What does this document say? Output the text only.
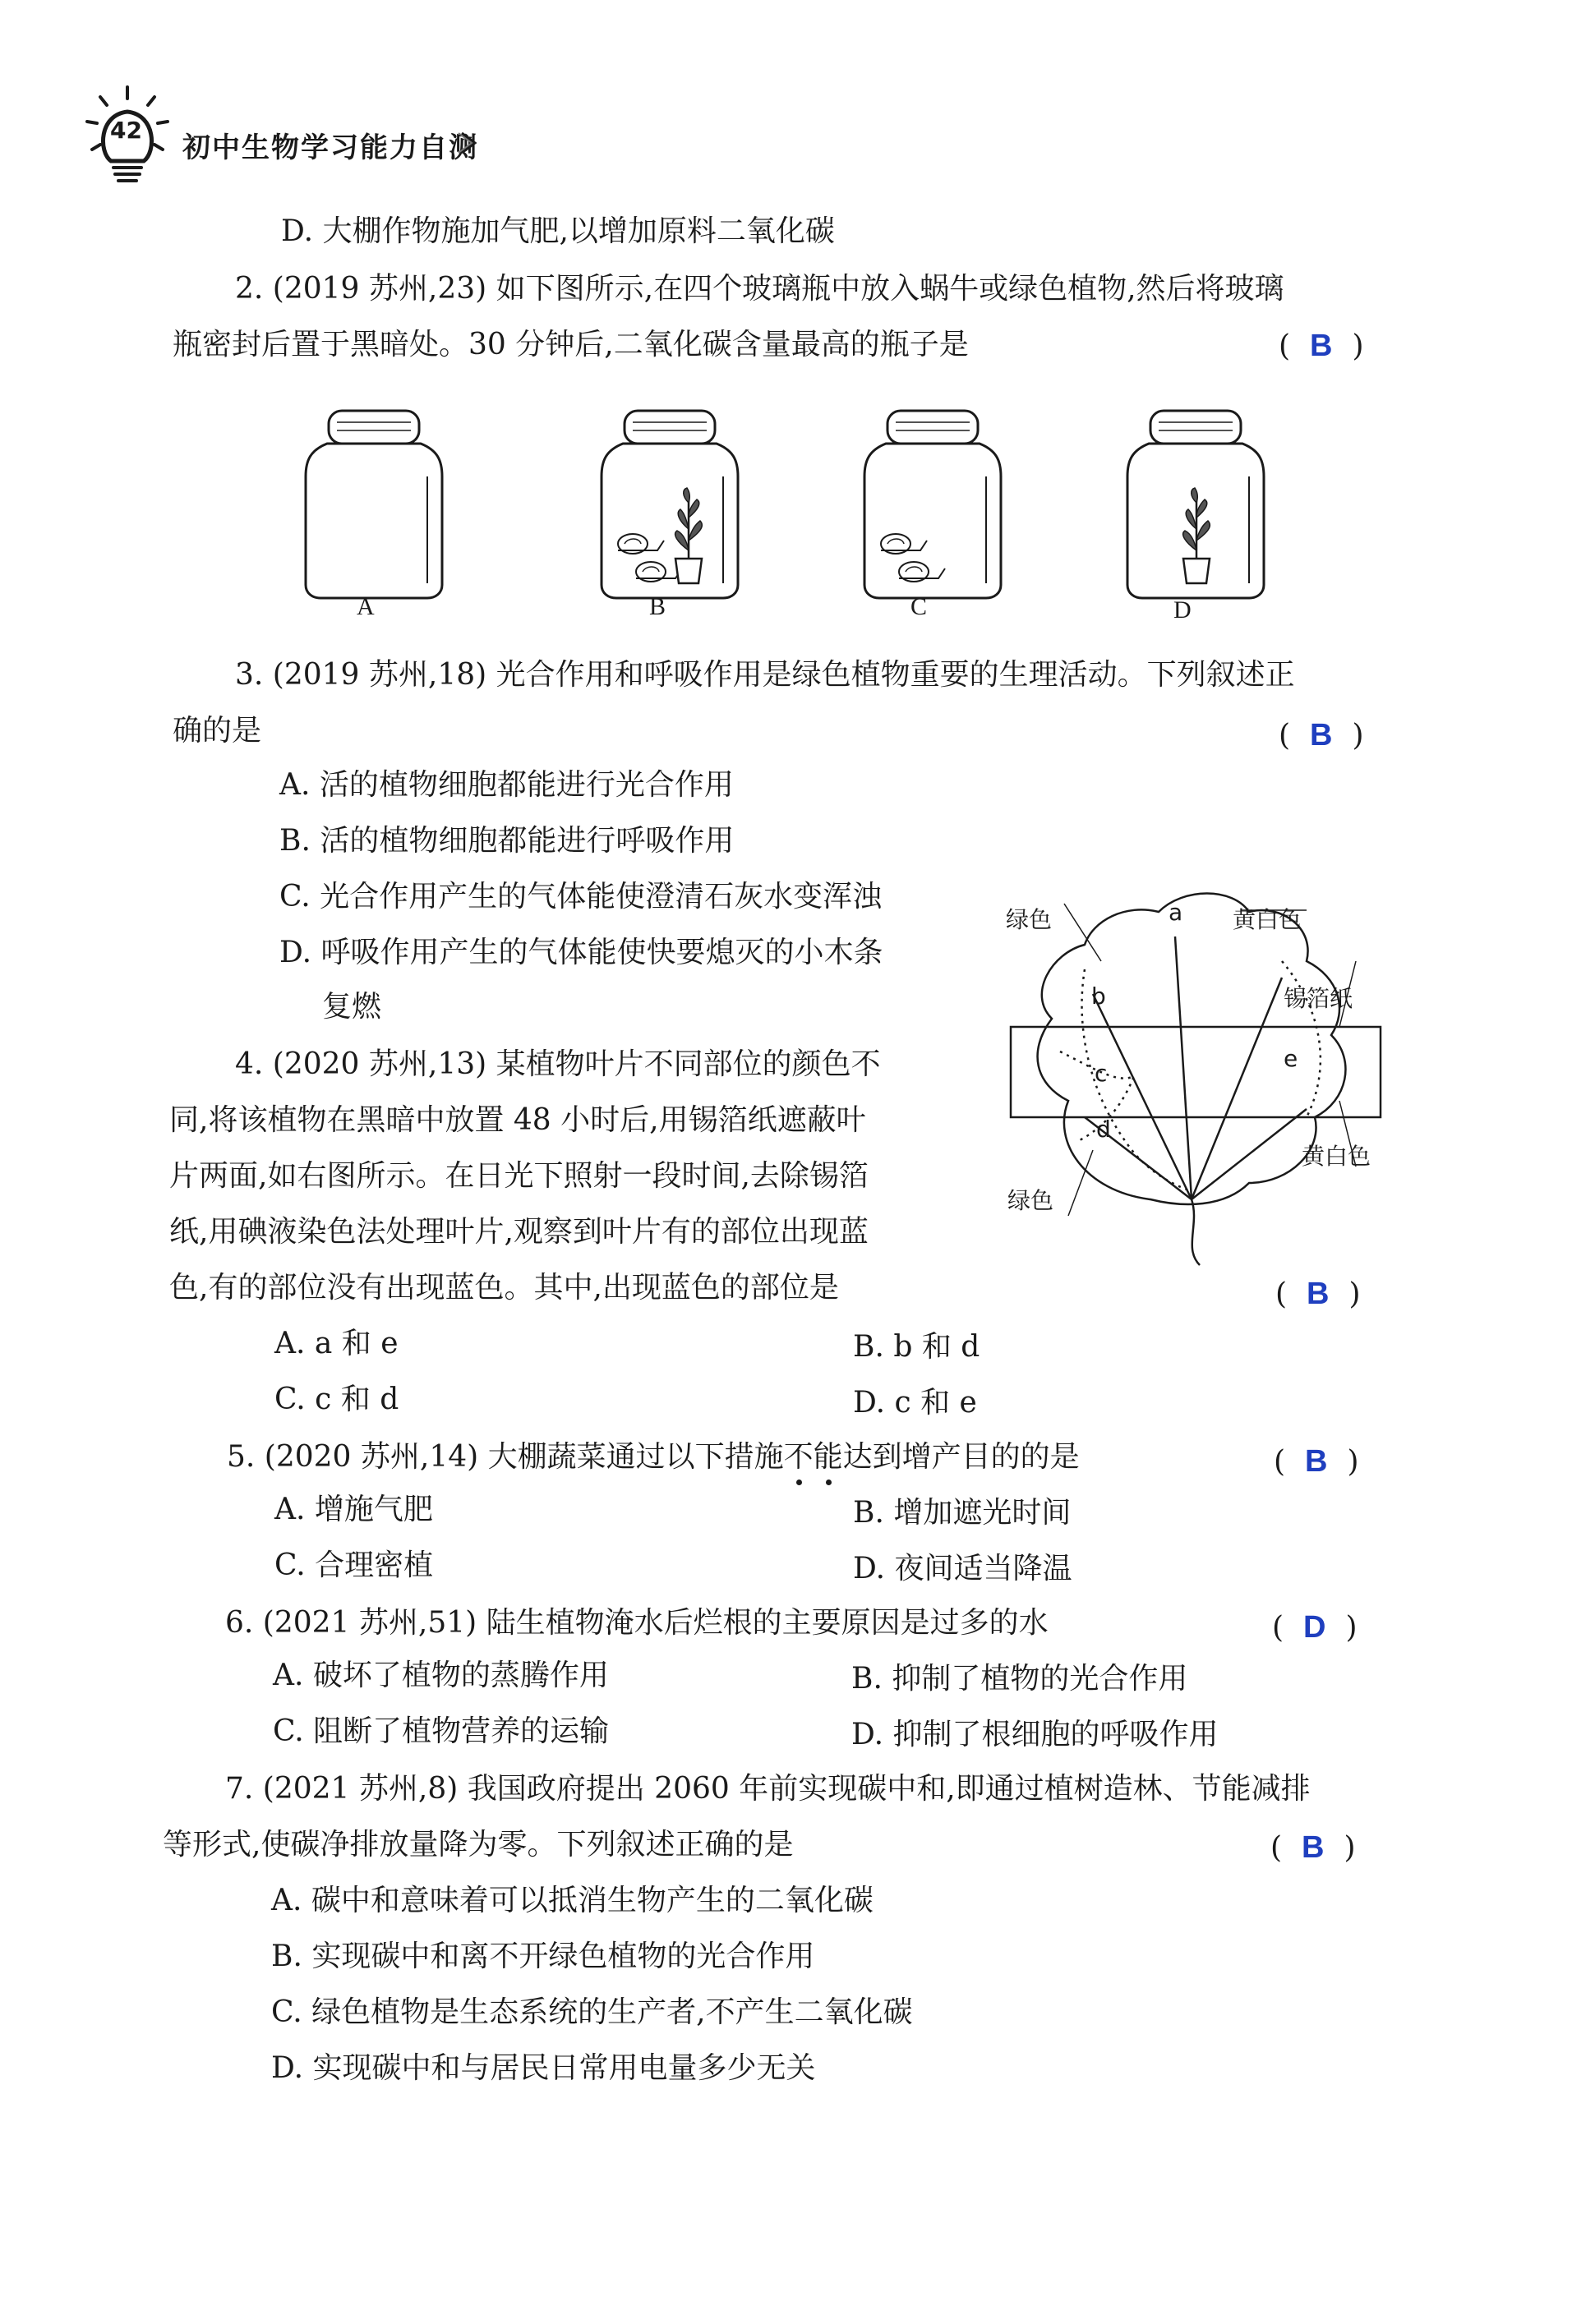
42
初中生物学习能力自测
D. 大棚作物施加气肥,以增加原料二氧化碳
2. (2019 苏州,23) 如下图所示,在四个玻璃瓶中放入蜗牛或绿色植物,然后将玻璃
瓶密封后置于黑暗处。30 分钟后,二氧化碳含量最高的瓶子是	( B )
A	B	C	D
3. (2019 苏州,18) 光合作用和呼吸作用是绿色植物重要的生理活动。下列叙述正
确的是	( B )
A. 活的植物细胞都能进行光合作用
B. 活的植物细胞都能进行呼吸作用
C. 光合作用产生的气体能使澄清石灰水变浑浊
D. 呼吸作用产生的气体能使快要熄灭的小木条
复燃
绿色	a 黄白色
b	锡箔纸
e
c
黄白色
d
绿色
4. (2020 苏州,13) 某植物叶片不同部位的颜色不
同,将该植物在黑暗中放置 48 小时后,用锡箔纸遮蔽叶
片两面,如右图所示。在日光下照射一段时间,去除锡箔
纸,用碘液染色法处理叶片,观察到叶片有的部位出现蓝
色,有的部位没有出现蓝色。其中,出现蓝色的部位是	( B )
A. a 和 e	B. b 和 d
C. c 和 d	D. c 和 e
5. (2020 苏州,14) 大棚蔬菜通过以下措施不能达到增产目的的是	( B )
A. 增施气肥	B. 增加遮光时间
C. 合理密植	D. 夜间适当降温
6. (2021 苏州,51) 陆生植物淹水后烂根的主要原因是过多的水	( D )
A. 破坏了植物的蒸腾作用	B. 抑制了植物的光合作用
C. 阻断了植物营养的运输	D. 抑制了根细胞的呼吸作用
7. (2021 苏州,8) 我国政府提出 2060 年前实现碳中和,即通过植树造林、节能减排
等形式,使碳净排放量降为零。下列叙述正确的是	( B )
A. 碳中和意味着可以抵消生物产生的二氧化碳
B. 实现碳中和离不开绿色植物的光合作用
C. 绿色植物是生态系统的生产者,不产生二氧化碳
D. 实现碳中和与居民日常用电量多少无关
